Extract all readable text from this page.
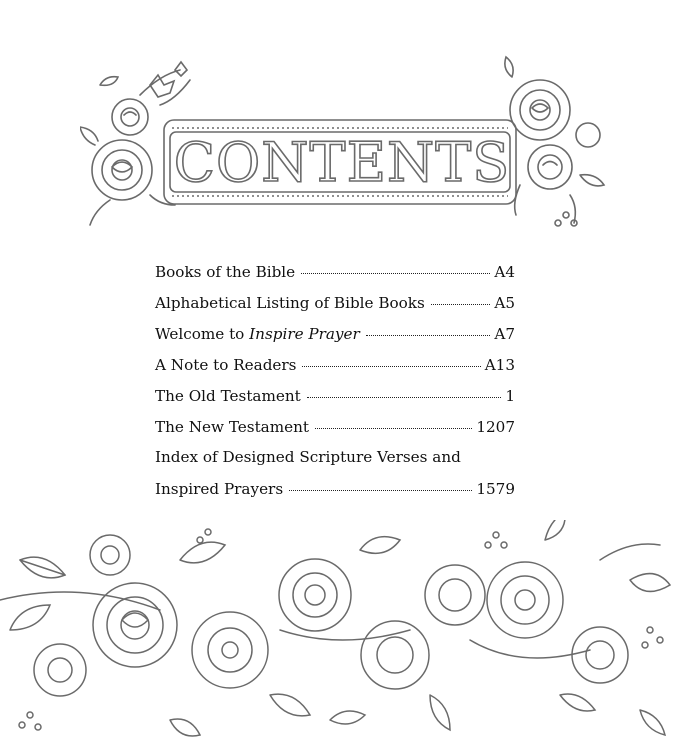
CONTENTS
Books of the Bible	A4
Alphabetical Listing of Bible Books	A5
Welcome to Inspire Prayer	A7
A Note to Readers	A13
The Old Testament	1
The New Testament	1207
Index of Designed Scripture Verses and
Inspired Prayers	1579
